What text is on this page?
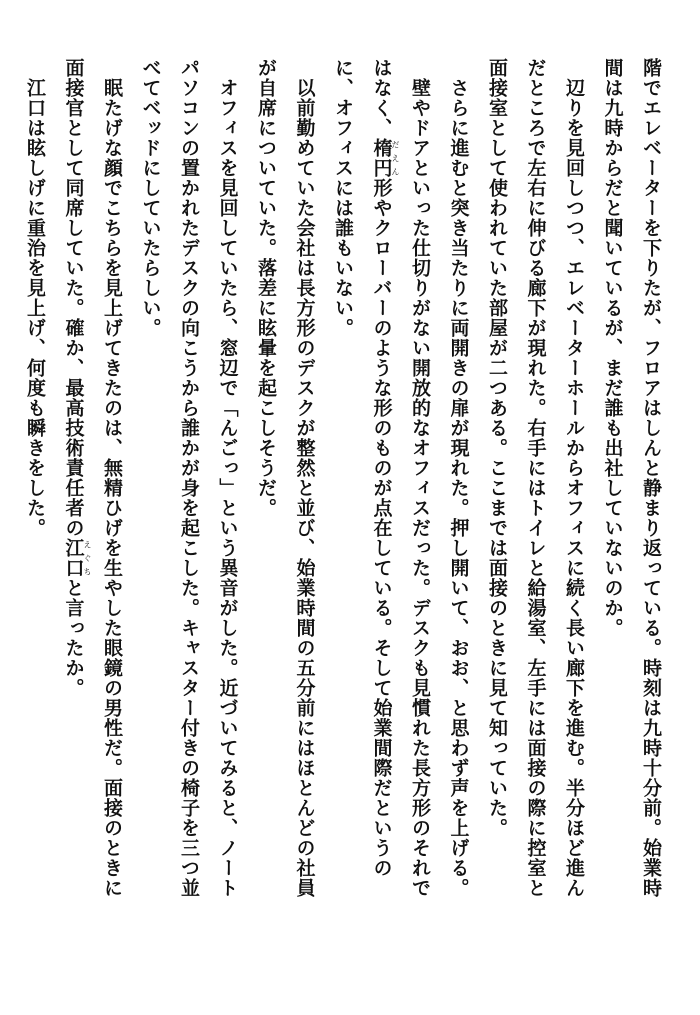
階でエレベーターを下りたが、フロアはしんと静まり返っている。時刻は九時十分前。始業時
間は九時からだと聞いているが、まだ誰も出社していないのか。
　辺りを見回しつつ、エレベーターホールからオフィスに続く長い廊下を進む。半分ほど進ん
だところで左右に伸びる廊下が現れた。右手にはトイレと給湯室、左手には面接の際に控室と
面接室として使われていた部屋が二つある。ここまでは面接のときに見て知っていた。
　さらに進むと突き当たりに両開きの扉が現れた。押し開いて、おお、と思わず声を上げる。
　壁やドアといった仕切りがない開放的なオフィスだった。デスクも見慣れた長方形のそれで
はなく、楕円だえん形やクローバーのような形のものが点在している。そして始業間際だというの
に、オフィスには誰もいない。
　以前勤めていた会社は長方形のデスクが整然と並び、始業時間の五分前にはほとんどの社員
が自席についていた。落差に眩暈を起こしそうだ。
　オフィスを見回していたら、窓辺で「んごっ」という異音がした。近づいてみると、ノート
パソコンの置かれたデスクの向こうから誰かが身を起こした。キャスター付きの椅子を三つ並
べてベッドにしていたらしい。
　眠たげな顔でこちらを見上げてきたのは、無精ひげを生やした眼鏡の男性だ。面接のときに
面接官として同席していた。確か、最高技術責任者の江口えぐちと言ったか。
　江口は眩しげに重治を見上げ、何度も瞬きをした。
